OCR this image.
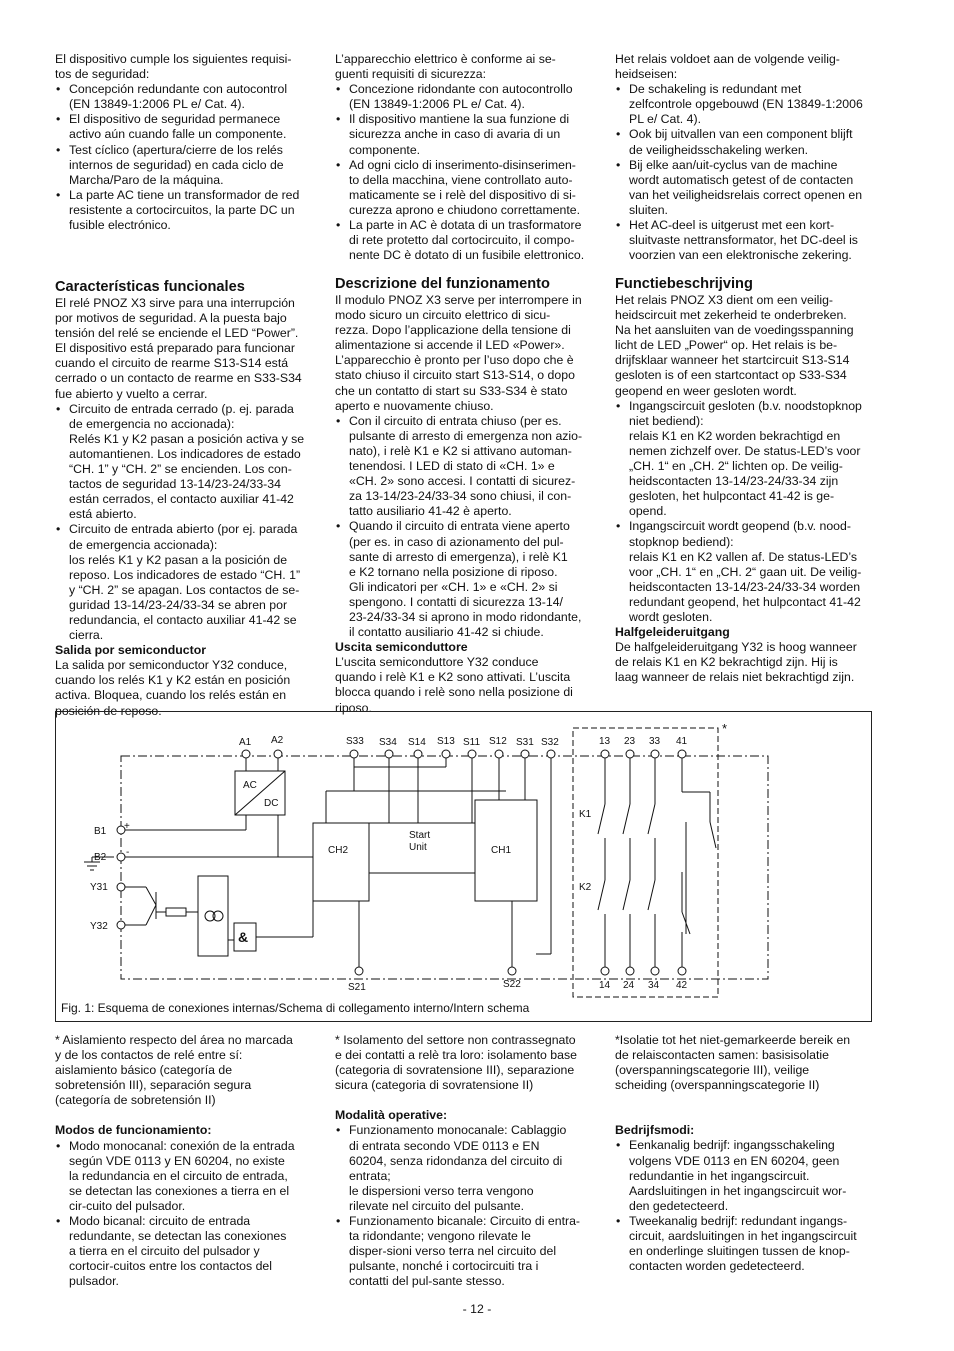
El dispositivo cumple los siguientes requisi-
tos de seguridad:

• Concepción redundante con autocontrol
(EN 13849-1:2006 PL e/ Cat. 4).
• El dispositivo de seguridad permanece
activo aún cuando falle un componente.
• Test cíclico (apertura/cierre de los relés
internos de seguridad) en cada ciclo de
Marcha/Paro de la máquina.
• La parte AC tiene un transformador de red
resistente a cortocircuitos, la parte DC un
fusible electrónico.
Características funcionales

El relé PNOZ X3 sirve para una interrupción
por motivos de seguridad. A la puesta bajo
tensión del relé se enciende el LED “Power”.
El dispositivo está preparado para funcionar
cuando el circuito de rearme S13-S14 está
cerrado o un contacto de rearme en S33-S34
fue abierto y vuelto a cerrar.

• Circuito de entrada cerrado (p. ej. parada
de emergencia no accionada):
Relés K1 y K2 pasan a posición activa y se
automantienen. Los indicadores de estado
“CH. 1” y “CH. 2” se encienden. Los con-
tactos de seguridad 13-14/23-24/33-34
están cerrados, el contacto auxiliar 41-42
está abierto.
• Circuito de entrada abierto (por ej. parada
de emergencia accionada):
los relés K1 y K2 pasan a la posición de
reposo. Los indicadores de estado “CH. 1”
y “CH. 2” se apagan. Los contactos de se-
guridad 13-14/23-24/33-34 se abren por
redundancia, el contacto auxiliar 41-42 se
cierra.
Salida por semiconductor

La salida por semiconductor Y32 conduce,
cuando los relés K1 y K2 están en posición
activa. Bloquea, cuando los relés están en
posición de reposo.

L’apparecchio elettrico è conforme ai se-
guenti requisiti di sicurezza:

• Concezione ridondante con autocontrollo
(EN 13849-1:2006 PL e/ Cat. 4).
• Il dispositivo mantiene la sua funzione di
sicurezza anche in caso di avaria di un
componente.
• Ad ogni ciclo di inserimento-disinserimen-
to della macchina, viene controllato auto-
maticamente se i relè del dispositivo di si-
curezza aprono e chiudono correttamente.
• La parte in AC è dotata di un trasformatore
di rete protetto dal cortocircuito, il compo-
nente DC è dotato di un fusibile elettronico.
Descrizione del funzionamento

Il modulo PNOZ X3 serve per interrompere in
modo sicuro un circuito elettrico di sicu-
rezza. Dopo l’applicazione della tensione di
alimentazione si accende il LED «Power».
L’apparecchio è pronto per l’uso dopo che è
stato chiuso il circuito start S13-S14, o dopo
che un contatto di start su S33-S34 è stato
aperto e nuovamente chiuso.

• Con il circuito di entrata chiuso (per es.
pulsante di arresto di emergenza non azio-
nato), i relè K1 e K2 si attivano automan-
tenendosi. I LED di stato di «CH. 1» e
«CH. 2» sono accesi. I contatti di sicurez-
za 13-14/23-24/33-34 sono chiusi, il con-
tatto ausiliario 41-42 è aperto.
• Quando il circuito di entrata viene aperto
(per es. in caso di azionamento del pul-
sante di arresto di emergenza), i relè K1
e K2 tornano nella posizione di riposo.
Gli indicatori per «CH. 1» e «CH. 2» si
spengono. I contatti di sicurezza 13-14/
23-24/33-34 si aprono in modo ridondante,
il contatto ausiliario 41-42 si chiude.
Uscita semiconduttore

L’uscita semiconduttore Y32 conduce
quando i relè K1 e K2 sono attivati. L’uscita
blocca quando i relè sono nella posizione di
riposo.

Het relais voldoet aan de volgende veilig-
heidseisen:

• De schakeling is redundant met
zelfcontrole opgebouwd (EN 13849-1:2006
PL e/ Cat. 4).
• Ook bij uitvallen van een component blijft
de veiligheidsschakeling werken.
• Bij elke aan/uit-cyclus van de machine
wordt automatisch getest of de contacten
van het veiligheidsrelais correct openen en
sluiten.
• Het AC-deel is uitgerust met een kort-
sluitvaste nettransformator, het DC-deel is
voorzien van een elektronische zekering.
Functiebeschrijving

Het relais PNOZ X3 dient om een veilig-
heidscircuit met zekerheid te onderbreken.
Na het aansluiten van de voedingsspanning
licht de LED „Power“ op. Het relais is be-
drijfsklaar wanneer het startcircuit S13-S14
gesloten is of een startcontact op S33-S34
geopend en weer gesloten wordt.

• Ingangscircuit gesloten (b.v. noodstopknop
niet bediend):
relais K1 en K2 worden bekrachtigd en
nemen zichzelf over. De status-LED’s voor
„CH. 1“ en „CH. 2“ lichten op. De veilig-
heidscontacten 13-14/23-24/33-34 zijn
gesloten, het hulpcontact 41-42 is ge-
opend.
• Ingangscircuit wordt geopend (b.v. nood-
stopknop bediend):
relais K1 en K2 vallen af. De status-LED’s
voor „CH. 1“ en „CH. 2“ gaan uit. De veilig-
heidscontacten 13-14/23-24/33-34 worden
redundant geopend, het hulpcontact 41-42
wordt gesloten.
Halfgeleideruitgang

De halfgeleideruitgang Y32 is hoog wanneer
de relais K1 en K2 bekrachtigd zijn. Hij is
laag wanneer de relais niet bekrachtigd zijn.

A1 A2	S33 S34 S14 S13 S11 S12 S31 S32	13 23 33 41
S21	S22	14 24 34 42
B1
B2
Y31
Y32
+
-
AC
DC
CH2	CH1
Start Unit
&
K1
K2
*
Fig. 1: Esquema de conexiones internas/Schema di collegamento interno/Intern schema

* Aislamiento respecto del área no marcada
y de los contactos de relé entre sí:
aislamiento básico (categoría de
sobretensión III), separación segura
(categoría de sobretensión II)

Modos de funcionamiento:
• Modo monocanal: conexión de la entrada
según VDE 0113 y EN 60204, no existe
la redundancia en el circuito de entrada,
se detectan las conexiones a tierra en el
cir-cuito del pulsador.
• Modo bicanal: circuito de entrada
redundante, se detectan las conexiones
a tierra en el circuito del pulsador y
cortocir-cuitos entre los contactos del
pulsador.

* Isolamento del settore non contrassegnato
e dei contatti a relè tra loro: isolamento base
(categoria di sovratensione III), separazione
sicura (categoria di sovratensione II)

Modalità operative:
• Funzionamento monocanale: Cablaggio
di entrata secondo VDE 0113 e EN
60204, senza ridondanza del circuito di
entrata;
le dispersioni verso terra vengono
rilevate nel circuito del pulsante.
• Funzionamento bicanale: Circuito di entra-
ta ridondante; vengono rilevate le
disper-sioni verso terra nel circuito del
pulsante, nonché i cortocircuiti tra i
contatti del pul-sante stesso.

*Isolatie tot het niet-gemarkeerde bereik en
de relaiscontacten samen: basisisolatie
(overspanningscategorie III), veilige
scheiding (overspanningscategorie II)

Bedrijfsmodi:
• Eenkanalig bedrijf: ingangsschakeling
volgens VDE 0113 en EN 60204, geen
redundantie in het ingangscircuit.
Aardsluitingen in het ingangscircuit wor-
den gedetecteerd.
• Tweekanalig bedrijf: redundant ingangs-
circuit, aardsluitingen in het ingangscircuit
en onderlinge sluitingen tussen de knop-
contacten worden gedetecteerd.
- 12 -
